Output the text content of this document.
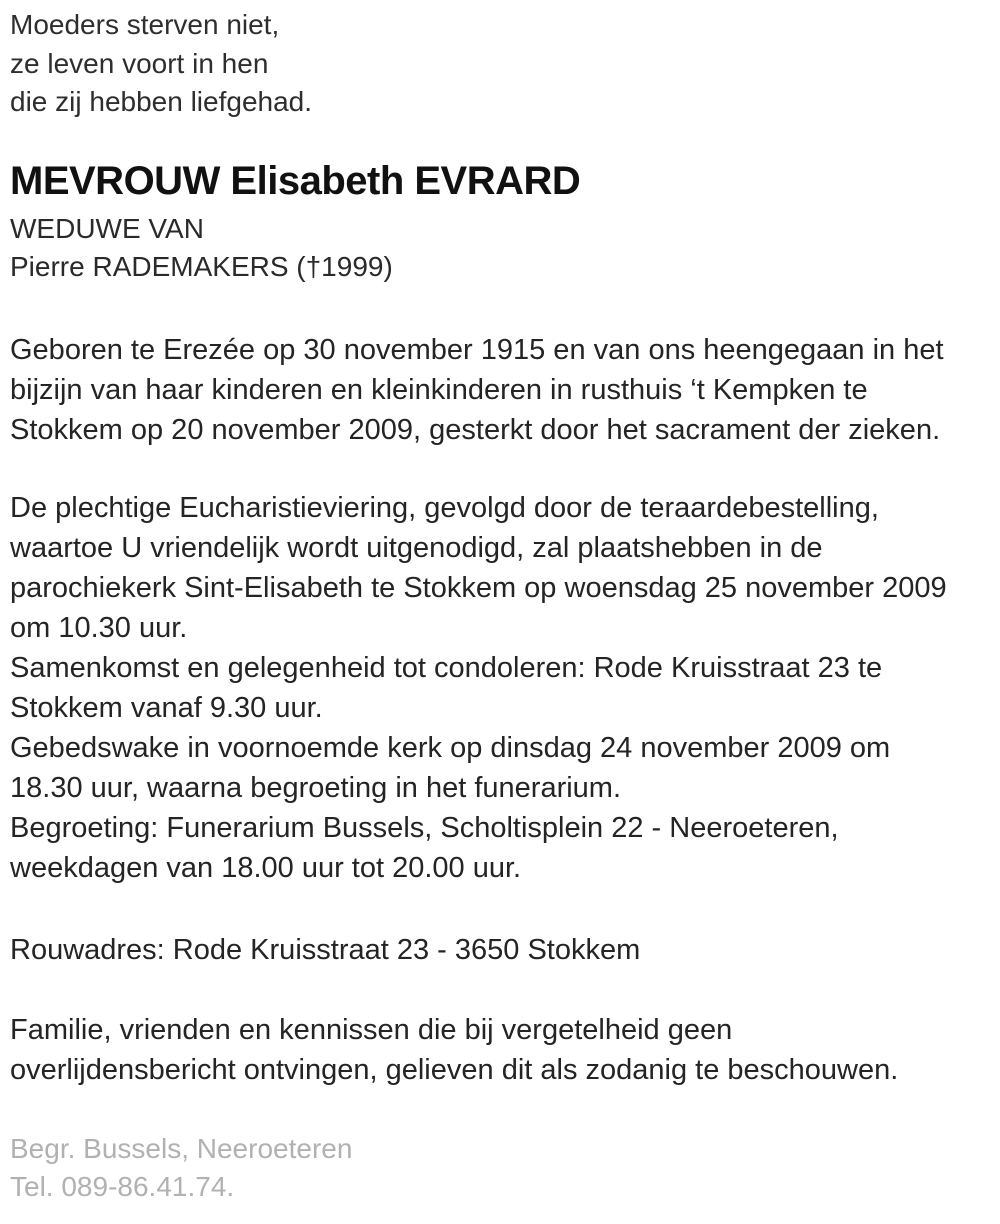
Moeders sterven niet,
ze leven voort in hen
die zij hebben liefgehad.
MEVROUW Elisabeth EVRARD
WEDUWE VAN
Pierre RADEMAKERS (†1999)
Geboren te Erezée op 30 november 1915 en van ons heengegaan in het
bijzijn van haar kinderen en kleinkinderen in rusthuis ‘t Kempken te
Stokkem op 20 november 2009, gesterkt door het sacrament der zieken.
De plechtige Eucharistieviering, gevolgd door de teraardebestelling,
waartoe U vriendelijk wordt uitgenodigd, zal plaatshebben in de
parochiekerk Sint-Elisabeth te Stokkem op woensdag 25 november 2009
om 10.30 uur.
Samenkomst en gelegenheid tot condoleren: Rode Kruisstraat 23 te
Stokkem vanaf 9.30 uur.
Gebedswake in voornoemde kerk op dinsdag 24 november 2009 om
18.30 uur, waarna begroeting in het funerarium.
Begroeting: Funerarium Bussels, Scholtisplein 22 - Neeroeteren,
weekdagen van 18.00 uur tot 20.00 uur.
Rouwadres: Rode Kruisstraat 23 - 3650 Stokkem
Familie, vrienden en kennissen die bij vergetelheid geen
overlijdensbericht ontvingen, gelieven dit als zodanig te beschouwen.
Begr. Bussels, Neeroeteren
Tel. 089-86.41.74.
